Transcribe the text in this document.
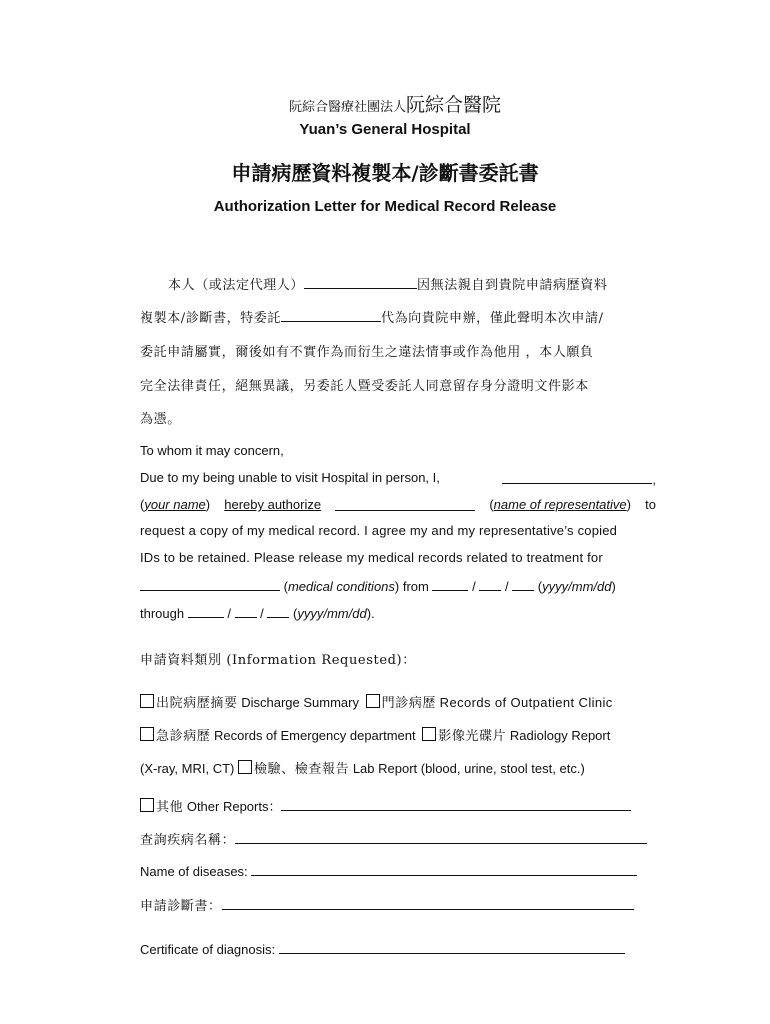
阮綜合醫療社團法人阮綜合醫院
Yuan’s General Hospital
申請病歷資料複製本/診斷書委託書
Authorization Letter for Medical Record Release
本人（或法定代理人）	因無法親自到貴院申請病歷資料
複製本/診斷書，特委託	代為向貴院申辦，僅此聲明本次申請/
委託申請屬實，爾後如有不實作為而衍生之違法情事或作為他用 ，本人願負
完全法律責任，絕無異議，另委託人暨受委託人同意留存身分證明文件影本
為憑。
To whom it may concern,
Due to my being unable to visit Hospital in person, I,	,
(your name) hereby authorize	(name of representative) to
request a copy of my medical record. I agree my and my representative’s copied
IDs to be retained. Please release my medical records related to treatment for
(medical conditions) from	/  /  (yyyy/mm/dd)
through	/  /  (yyyy/mm/dd).
申請資料類別 (Information Requested)：
出院病歷摘要 Discharge Summary 門診病歷 Records of Outpatient Clinic
急診病歷 Records of Emergency department 影像光碟片 Radiology Report
(X-ray, MRI, CT) 檢驗、檢查報告 Lab Report (blood, urine, stool test, etc.)
其他 Other Reports：
查詢疾病名稱：
Name of diseases:
申請診斷書：
Certificate of diagnosis:
